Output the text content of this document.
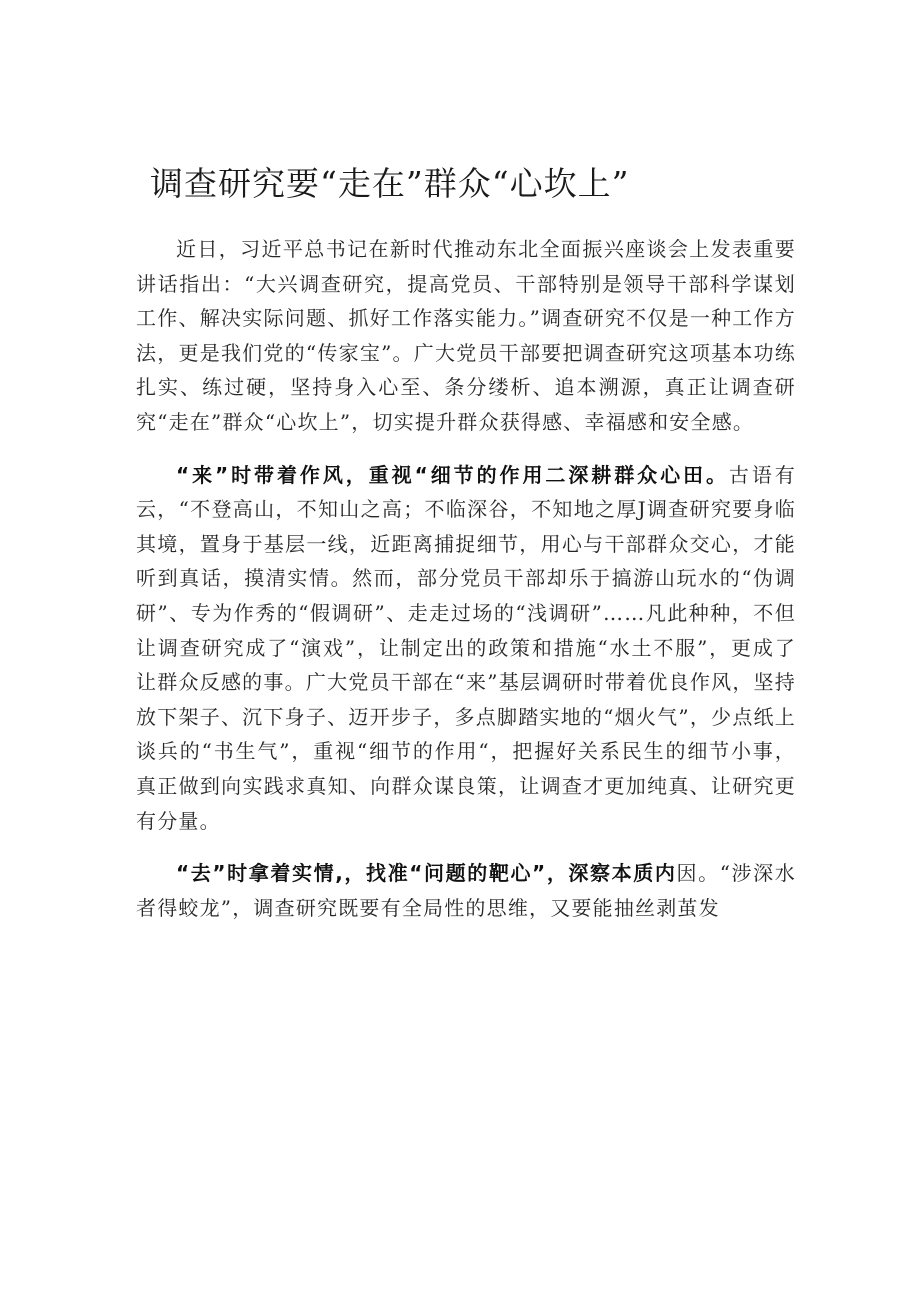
调查研究要“走在”群众“心坎上”

近日，习近平总书记在新时代推动东北全面振兴座谈会上发表重要讲话指出：“大兴调查研究，提高党员、干部特别是领导干部科学谋划工作、解决实际问题、抓好工作落实能力。”调查研究不仅是一种工作方法，更是我们党的“传家宝”。广大党员干部要把调查研究这项基本功练扎实、练过硬，坚持身入心至、条分缕析、追本溯源，真正让调查研究“走在”群众“心坎上”，切实提升群众获得感、幸福感和安全感。

“来”时带着作风，重视“细节的作用二深耕群众心田。古语有云，“不登高山，不知山之高；不临深谷，不知地之厚J调查研究要身临其境，置身于基层一线，近距离捕捉细节，用心与干部群众交心，才能听到真话，摸清实情。然而，部分党员干部却乐于搞游山玩水的“伪调研”、专为作秀的“假调研”、走走过场的“浅调研”……凡此种种，不但让调查研究成了“演戏”，让制定出的政策和措施“水土不服”，更成了让群众反感的事。广大党员干部在“来”基层调研时带着优良作风，坚持放下架子、沉下身子、迈开步子，多点脚踏实地的“烟火气”，少点纸上谈兵的“书生气”，重视“细节的作用“，把握好关系民生的细节小事，真正做到向实践求真知、向群众谋良策，让调查才更加纯真、让研究更有分量。

“去”时拿着实情,，找准“问题的靶心”，深察本质内因。“涉深水者得蛟龙”，调查研究既要有全局性的思维，又要能抽丝剥茧发
